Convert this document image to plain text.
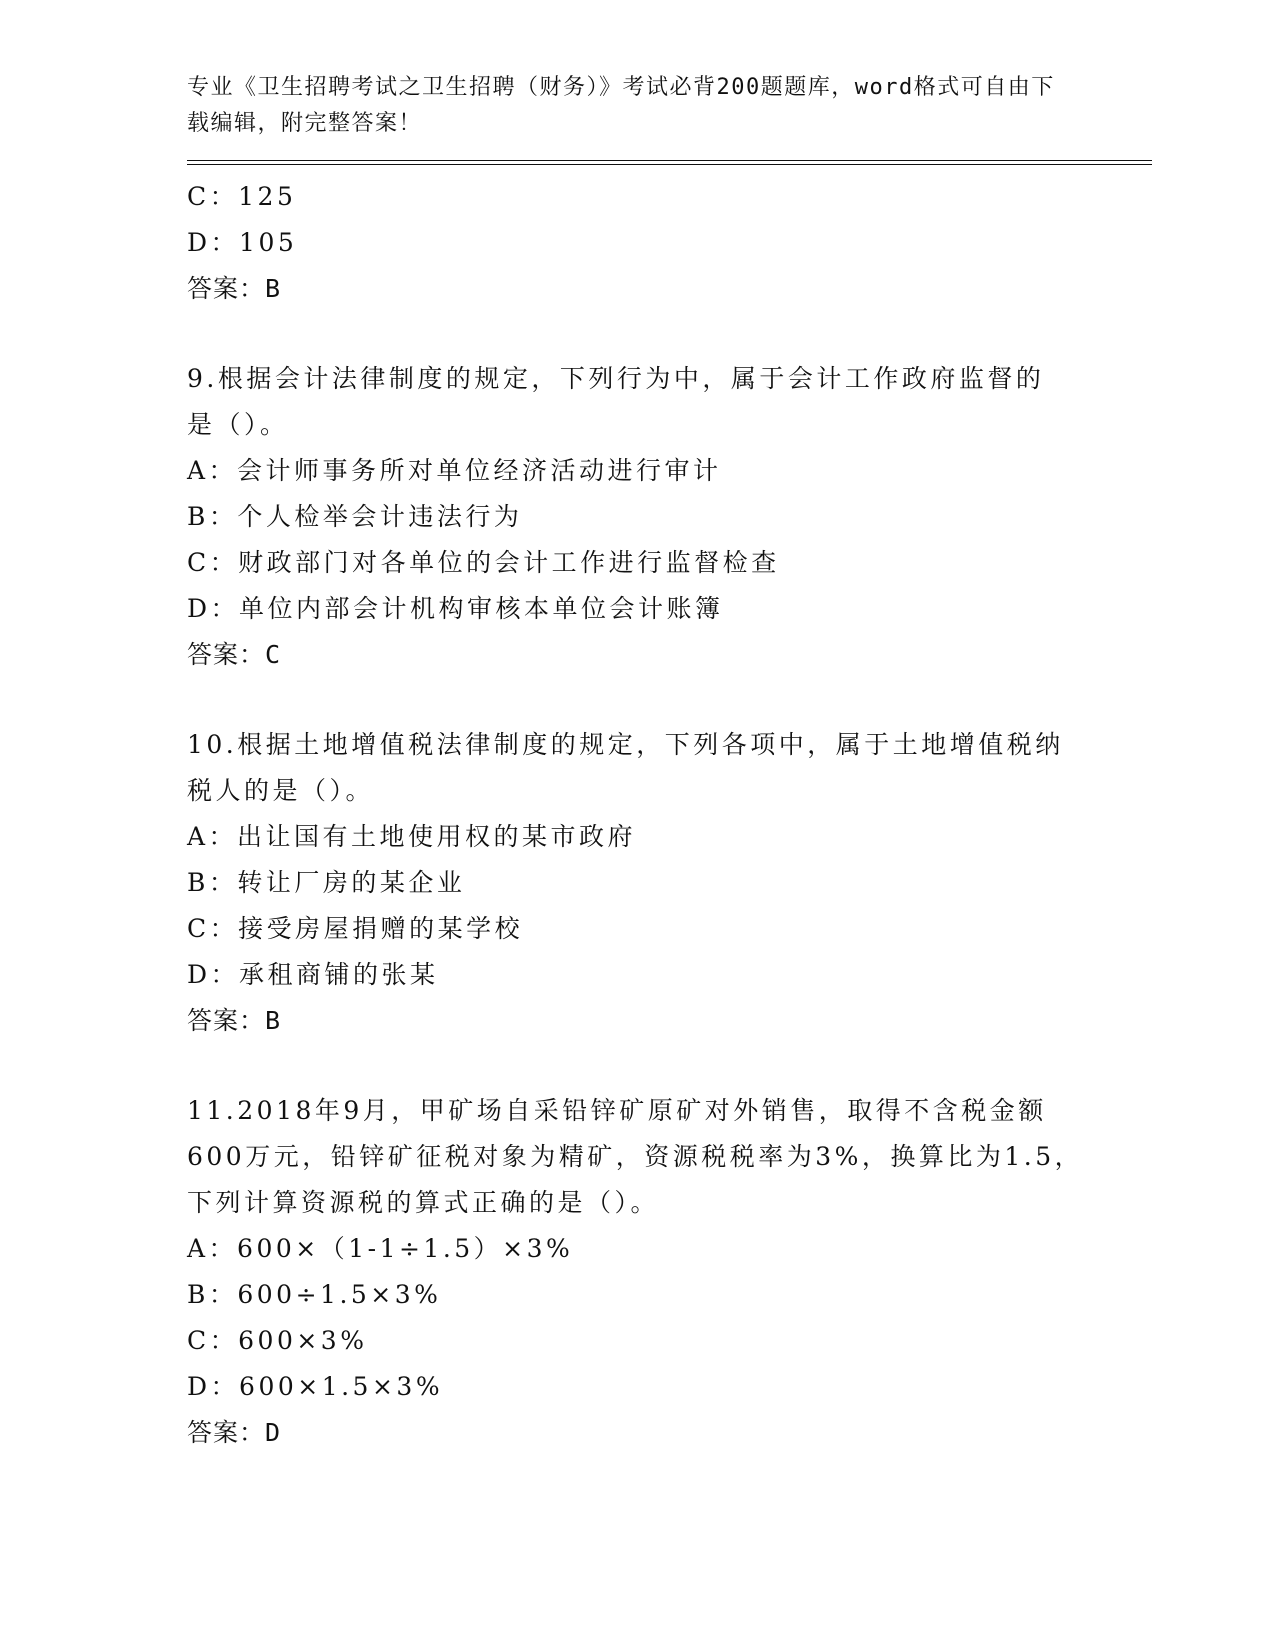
专业《卫生招聘考试之卫生招聘（财务）》考试必背200题题库，word格式可自由下载编辑，附完整答案！
C：125
D：105
答案：B
9.根据会计法律制度的规定，下列行为中，属于会计工作政府监督的
是（）。
A：会计师事务所对单位经济活动进行审计
B：个人检举会计违法行为
C：财政部门对各单位的会计工作进行监督检查
D：单位内部会计机构审核本单位会计账簿
答案：C
10.根据土地增值税法律制度的规定，下列各项中，属于土地增值税纳
税人的是（）。
A：出让国有土地使用权的某市政府
B：转让厂房的某企业
C：接受房屋捐赠的某学校
D：承租商铺的张某
答案：B
11.2018年9月，甲矿场自采铅锌矿原矿对外销售，取得不含税金额
600万元，铅锌矿征税对象为精矿，资源税税率为3%，换算比为1.5，
下列计算资源税的算式正确的是（）。
A：600×（1-1÷1.5）×3%
B：600÷1.5×3%
C：600×3%
D：600×1.5×3%
答案：D
